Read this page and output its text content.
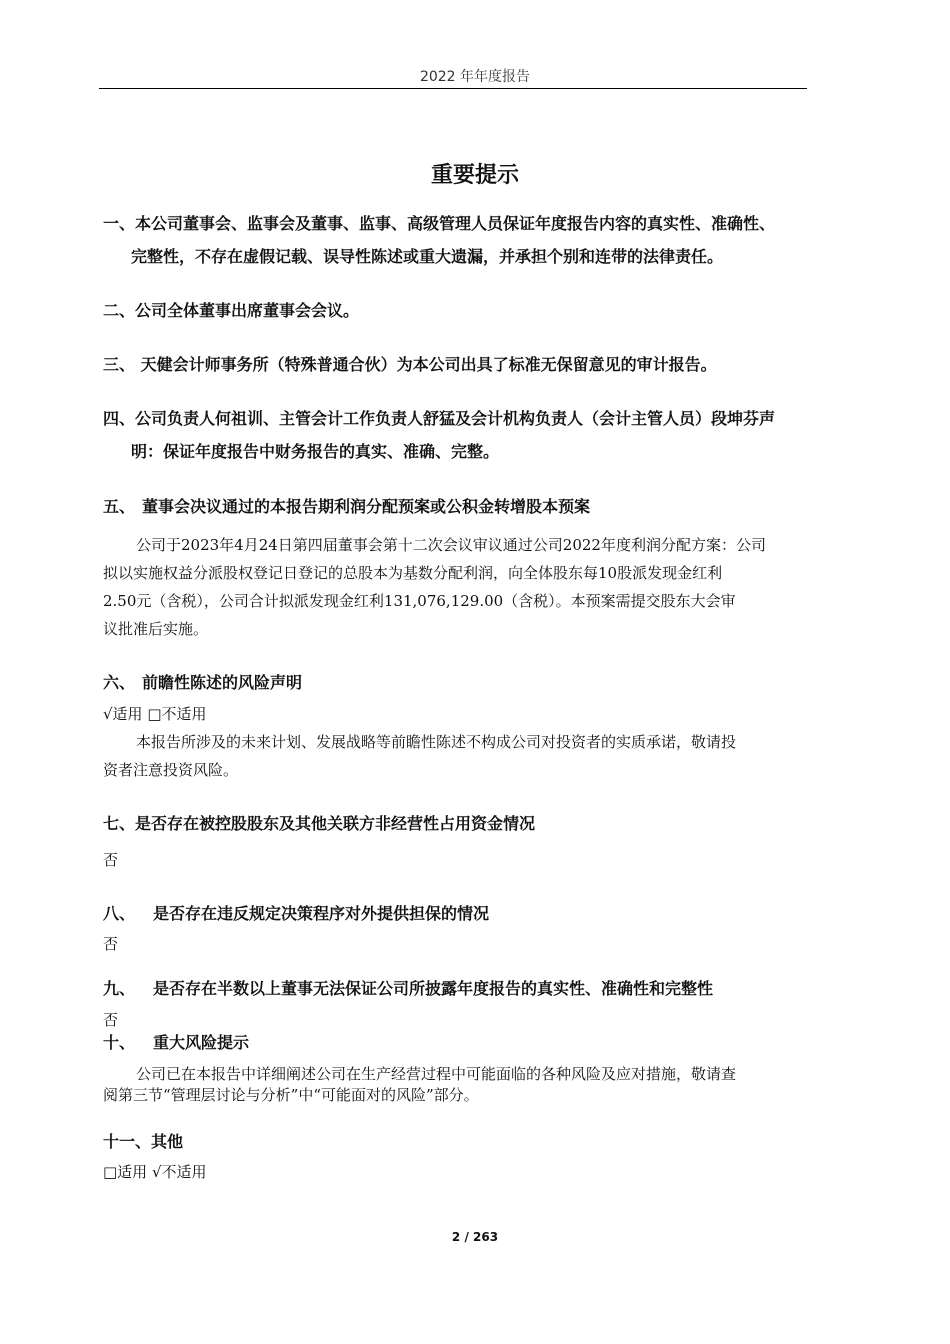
2022 年年度报告
重要提示
一、本公司董事会、监事会及董事、监事、高级管理人员保证年度报告内容的真实性、准确性、
完整性，不存在虚假记载、误导性陈述或重大遗漏，并承担个别和连带的法律责任。
二、公司全体董事出席董事会会议。
三、 天健会计师事务所（特殊普通合伙）为本公司出具了标准无保留意见的审计报告。
四、公司负责人何祖训、主管会计工作负责人舒猛及会计机构负责人（会计主管人员）段坤芬声
明：保证年度报告中财务报告的真实、准确、完整。
五、 董事会决议通过的本报告期利润分配预案或公积金转增股本预案
公司于2023年4月24日第四届董事会第十二次会议审议通过公司2022年度利润分配方案：公司
拟以实施权益分派股权登记日登记的总股本为基数分配利润，向全体股东每10股派发现金红利
2.50元（含税），公司合计拟派发现金红利131,076,129.00（含税）。本预案需提交股东大会审
议批准后实施。
六、 前瞻性陈述的风险声明
√适用 □不适用
本报告所涉及的未来计划、发展战略等前瞻性陈述不构成公司对投资者的实质承诺，敬请投
资者注意投资风险。
七、是否存在被控股股东及其他关联方非经营性占用资金情况
否
八、 是否存在违反规定决策程序对外提供担保的情况
否
九、 是否存在半数以上董事无法保证公司所披露年度报告的真实性、准确性和完整性
否
十、 重大风险提示
公司已在本报告中详细阐述公司在生产经营过程中可能面临的各种风险及应对措施，敬请查
阅第三节“管理层讨论与分析”中“可能面对的风险”部分。
十一、其他
□适用 √不适用
2 / 263
